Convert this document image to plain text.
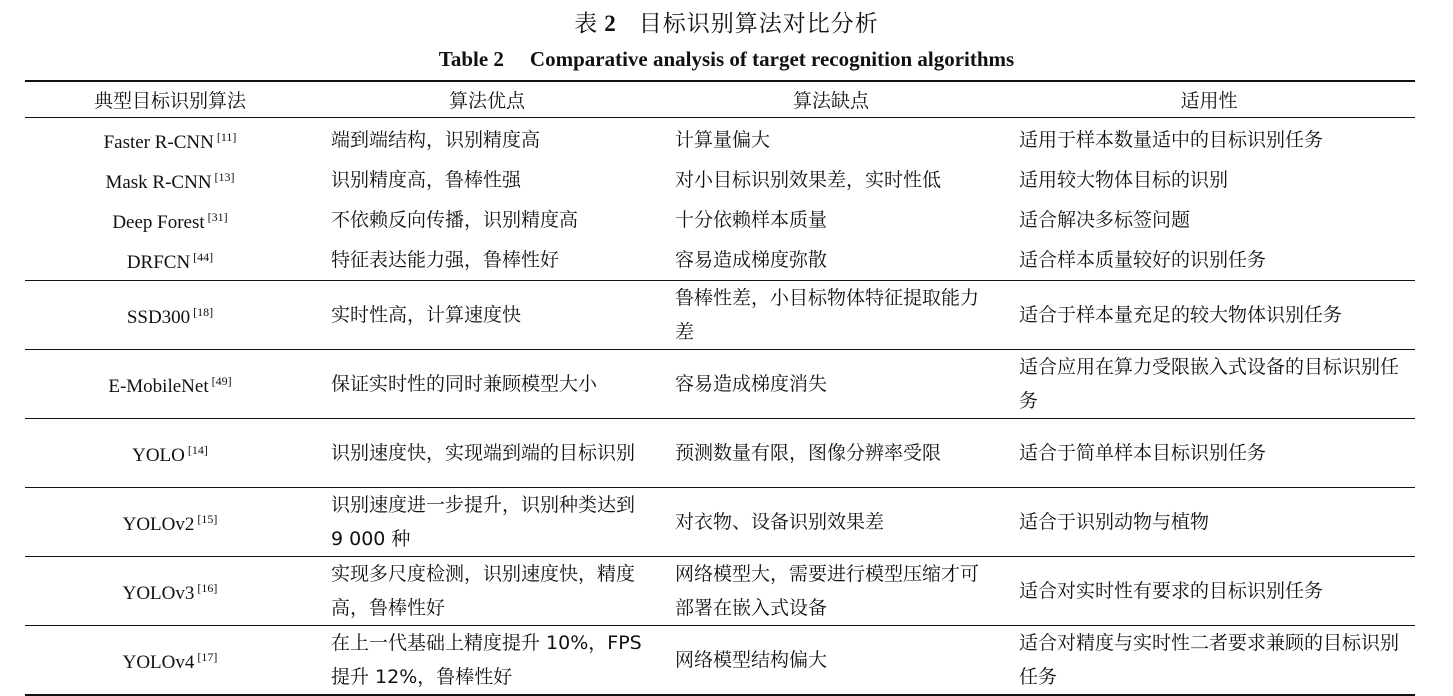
表 2 目标识别算法对比分析
Table 2 Comparative analysis of target recognition algorithms
典型目标识别算法	算法优点	算法缺点	适用性
Faster R-CNN [11]	端到端结构，识别精度高	计算量偏大	适用于样本数量适中的目标识别任务
Mask R-CNN [13]	识别精度高，鲁棒性强	对小目标识别效果差，实时性低	适用较大物体目标的识别
Deep Forest [31]	不依赖反向传播，识别精度高	十分依赖样本质量	适合解决多标签问题
DRFCN [44]	特征表达能力强，鲁棒性好	容易造成梯度弥散	适合样本质量较好的识别任务
SSD300 [18]	实时性高，计算速度快	鲁棒性差，小目标物体特征提取能力差	适合于样本量充足的较大物体识别任务
E-MobileNet [49]	保证实时性的同时兼顾模型大小	容易造成梯度消失	适合应用在算力受限嵌入式设备的目标识别任务
YOLO [14]	识别速度快，实现端到端的目标识别	预测数量有限，图像分辨率受限	适合于简单样本目标识别任务
YOLOv2 [15]	识别速度进一步提升，识别种类达到 9 000 种	对衣物、设备识别效果差	适合于识别动物与植物
YOLOv3 [16]	实现多尺度检测，识别速度快，精度高，鲁棒性好	网络模型大，需要进行模型压缩才可部署在嵌入式设备	适合对实时性有要求的目标识别任务
YOLOv4 [17]	在上一代基础上精度提升 10%，FPS 提升 12%，鲁棒性好	网络模型结构偏大	适合对精度与实时性二者要求兼顾的目标识别任务
